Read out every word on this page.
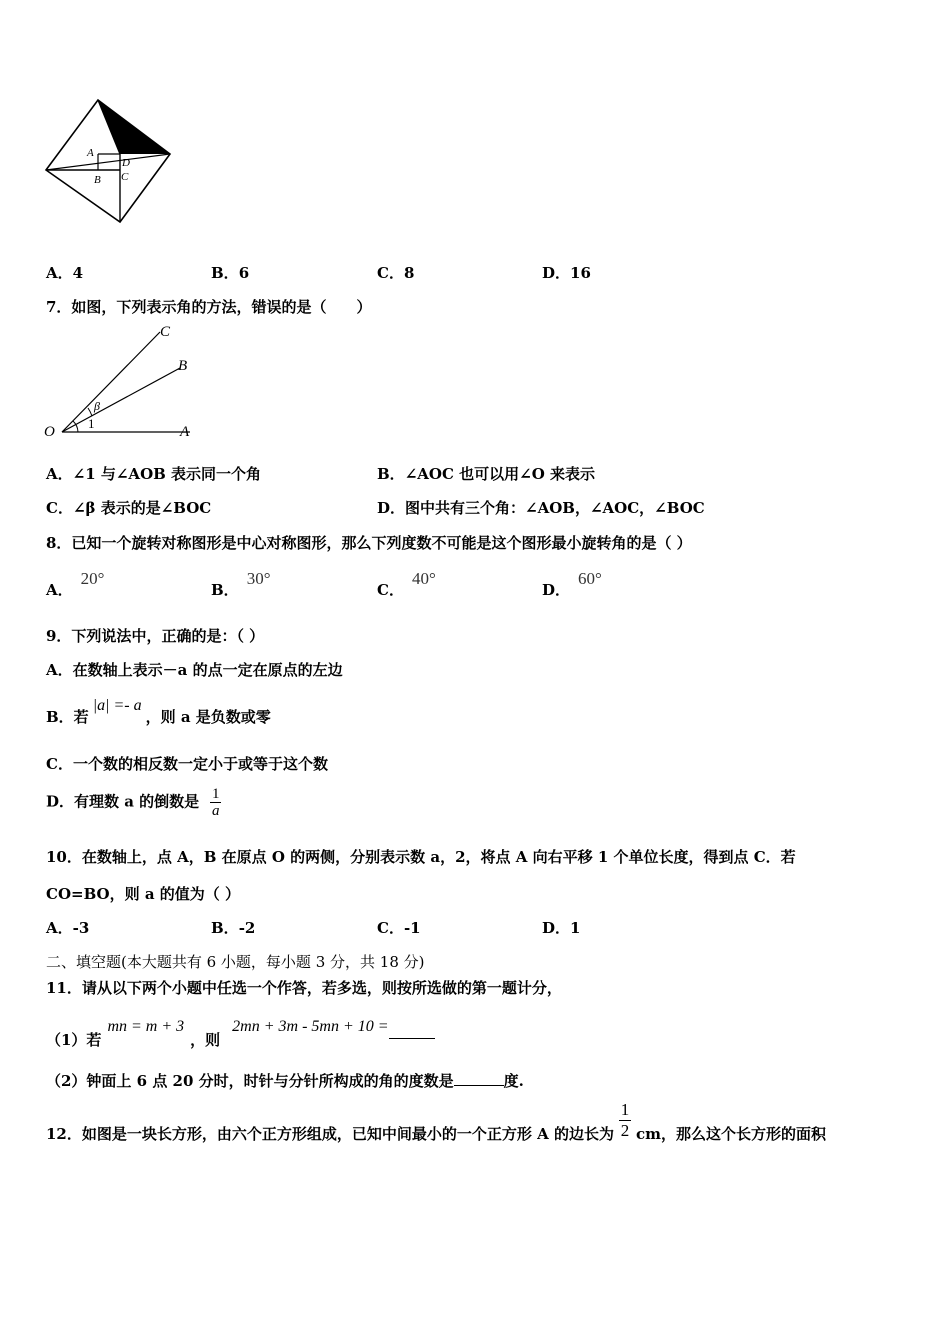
图(c)
A
D
B C
A．4	B．6	C．8	D．16
7．如图，下列表示角的方法，错误的是（　　）
C
B
O	A
β
1
A．∠1 与∠AOB 表示同一个角	B．∠AOC 也可以用∠O 来表示
C．∠β 表示的是∠BOC	D．图中共有三个角：∠AOB，∠AOC，∠BOC
8．已知一个旋转对称图形是中心对称图形，那么下列度数不可能是这个图形最小旋转角的是（ ）
A．20°
B．30°
C．40°
D．60°
9．下列说法中，正确的是：（ ）
A．在数轴上表示－a 的点一定在原点的左边
B．若|a| =- a，则 a 是负数或零
C．一个数的相反数一定小于或等于这个数
D．有理数 a 的倒数是 $\frac{1}{a}$
10．在数轴上，点 A，B 在原点 O 的两侧，分别表示数 a，2，将点 A 向右平移 1 个单位长度，得到点 C．若
CO=BO，则 a 的值为（ ）
A．-3	B．-2	C．-1	D．1
二、填空题(本大题共有 6 小题，每小题 3 分，共 18 分)
11．请从以下两个小题中任选一个作答，若多选，则按所选做的第一题计分，
（1）若mn = m + 3，则2mn + 3m - 5mn + 10 =
（2）钟面上 6 点 20 分时，时针与分针所构成的角的度数是	度.
12．如图是一块长方形，由六个正方形组成，已知中间最小的一个正方形 A 的边长为 $\frac{1}{2}$ cm，那么这个长方形的面积
